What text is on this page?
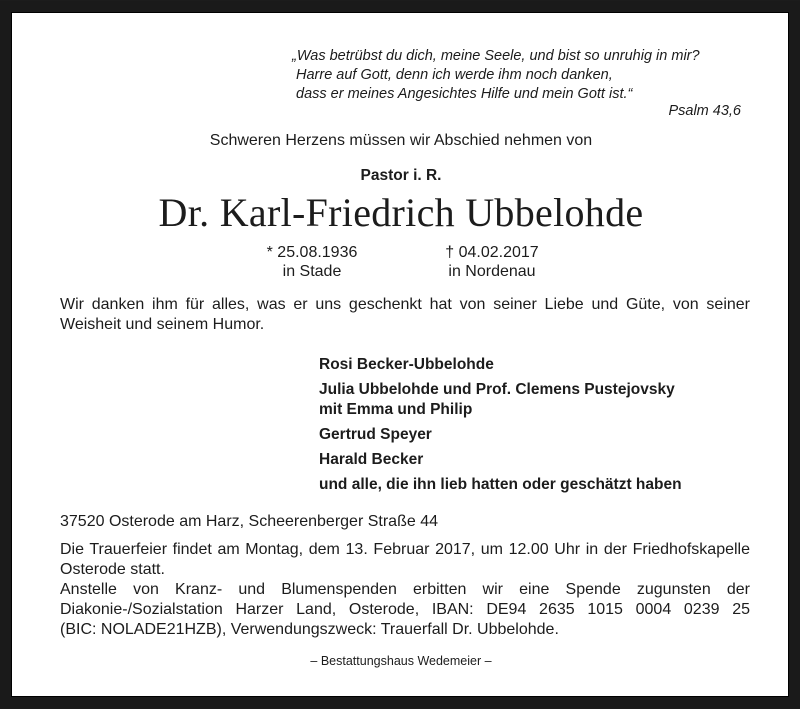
„Was betrübst du dich, meine Seele, und bist so unruhig in mir?
Harre auf Gott, denn ich werde ihm noch danken,
dass er meines Angesichtes Hilfe und mein Gott ist.“
Psalm 43,6
Schweren Herzens müssen wir Abschied nehmen von
Pastor i. R.
Dr. Karl-Friedrich Ubbelohde
* 25.08.1936
in Stade
† 04.02.2017
in Nordenau
Wir danken ihm für alles, was er uns geschenkt hat von seiner Liebe und Güte, von seiner Weisheit und seinem Humor.
Rosi Becker-Ubbelohde
Julia Ubbelohde und Prof. Clemens Pustejovsky
mit Emma und Philip
Gertrud Speyer
Harald Becker
und alle, die ihn lieb hatten oder geschätzt haben
37520 Osterode am Harz, Scheerenberger Straße 44
Die Trauerfeier findet am Montag, dem 13. Februar 2017, um 12.00 Uhr in der Friedhofskapelle Osterode statt.
Anstelle von Kranz- und Blumenspenden erbitten wir eine Spende zugunsten der
Diakonie-/Sozialstation Harzer Land, Osterode, IBAN: DE94 2635 1015 0004 0239 25
(BIC: NOLADE21HZB), Verwendungszweck: Trauerfall Dr. Ubbelohde.
– Bestattungshaus Wedemeier –
